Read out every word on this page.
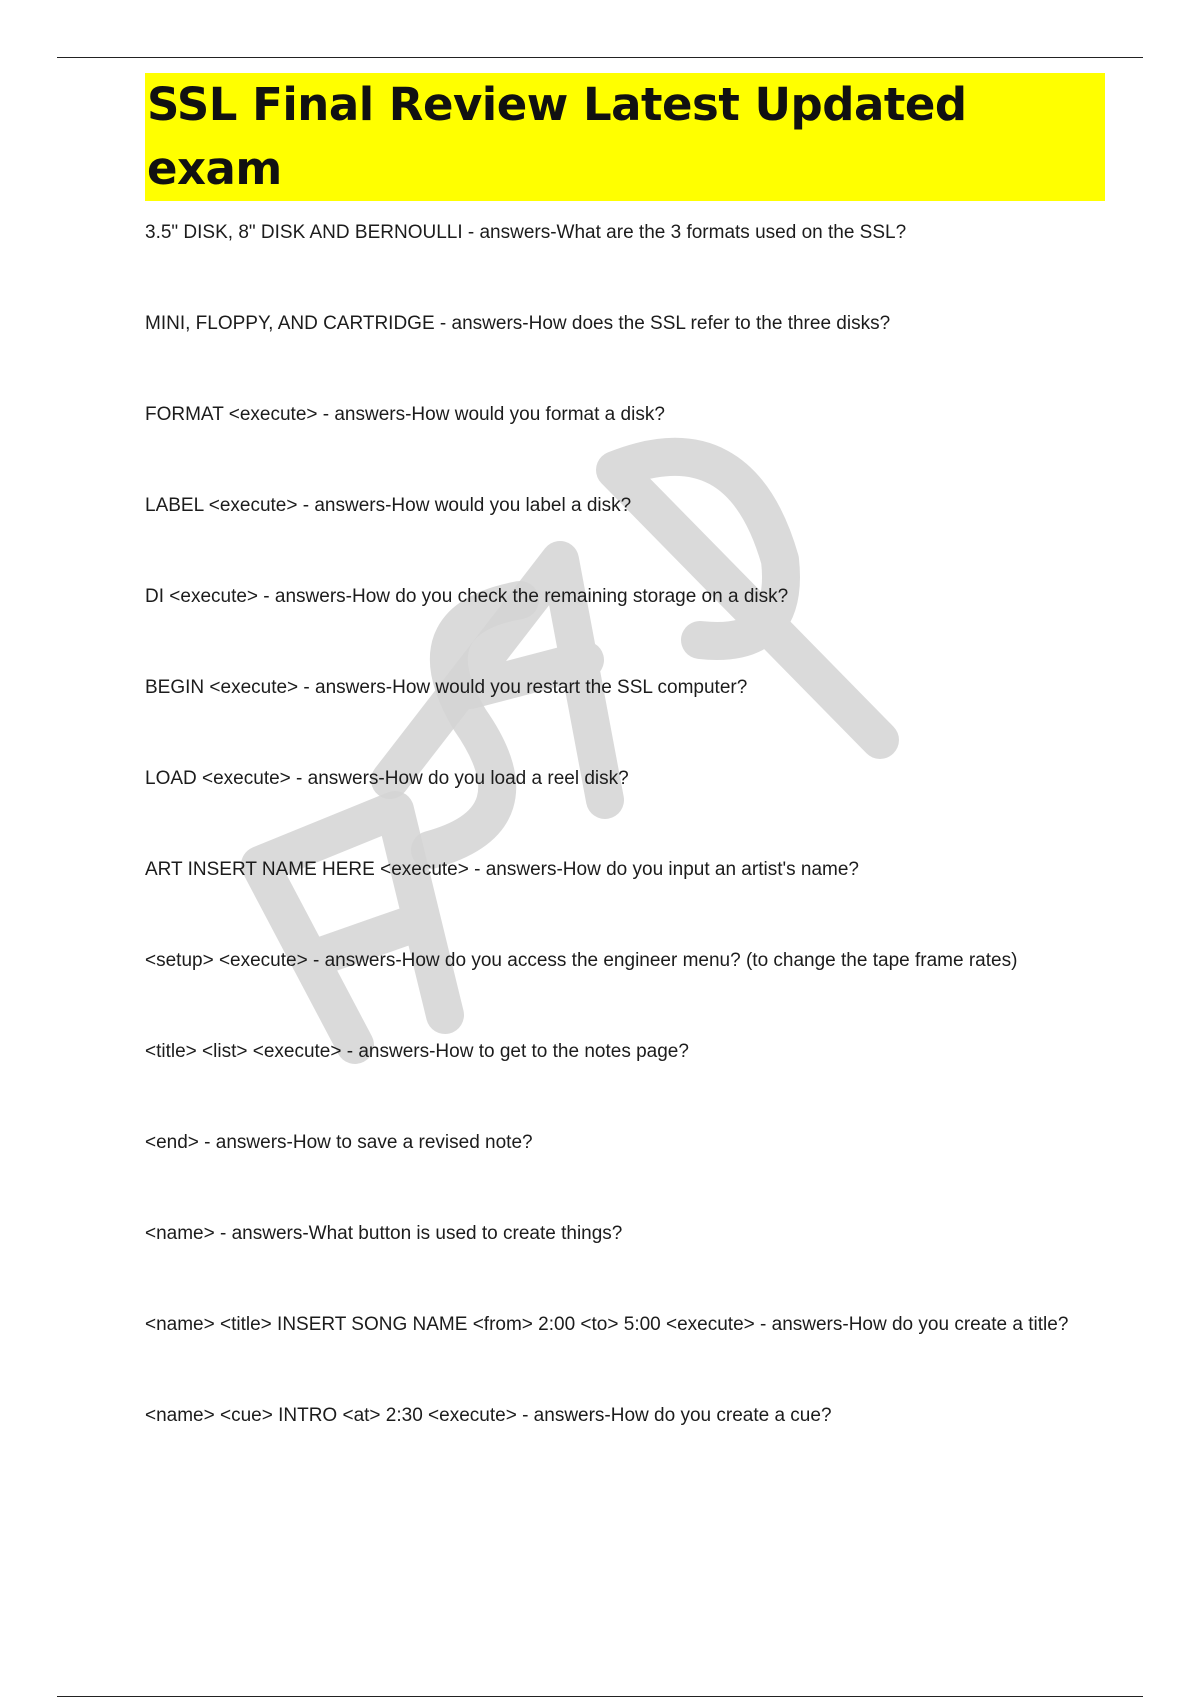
SSL Final Review Latest Updated exam
3.5" DISK, 8" DISK AND BERNOULLI - answers-What are the 3 formats used on the SSL?
MINI, FLOPPY, AND CARTRIDGE - answers-How does the SSL refer to the three disks?
FORMAT <execute> - answers-How would you format a disk?
LABEL <execute> - answers-How would you label a disk?
DI <execute> - answers-How do you check the remaining storage on a disk?
BEGIN <execute> - answers-How would you restart the SSL computer?
LOAD <execute> - answers-How do you load a reel disk?
ART INSERT NAME HERE <execute> - answers-How do you input an artist's name?
<setup> <execute> - answers-How do you access the engineer menu? (to change the tape frame rates)
<title> <list> <execute> - answers-How to get to the notes page?
<end> - answers-How to save a revised note?
<name> - answers-What button is used to create things?
<name> <title> INSERT SONG NAME <from> 2:00 <to> 5:00 <execute> - answers-How do you create a title?
<name> <cue> INTRO <at> 2:30 <execute> - answers-How do you create a cue?
